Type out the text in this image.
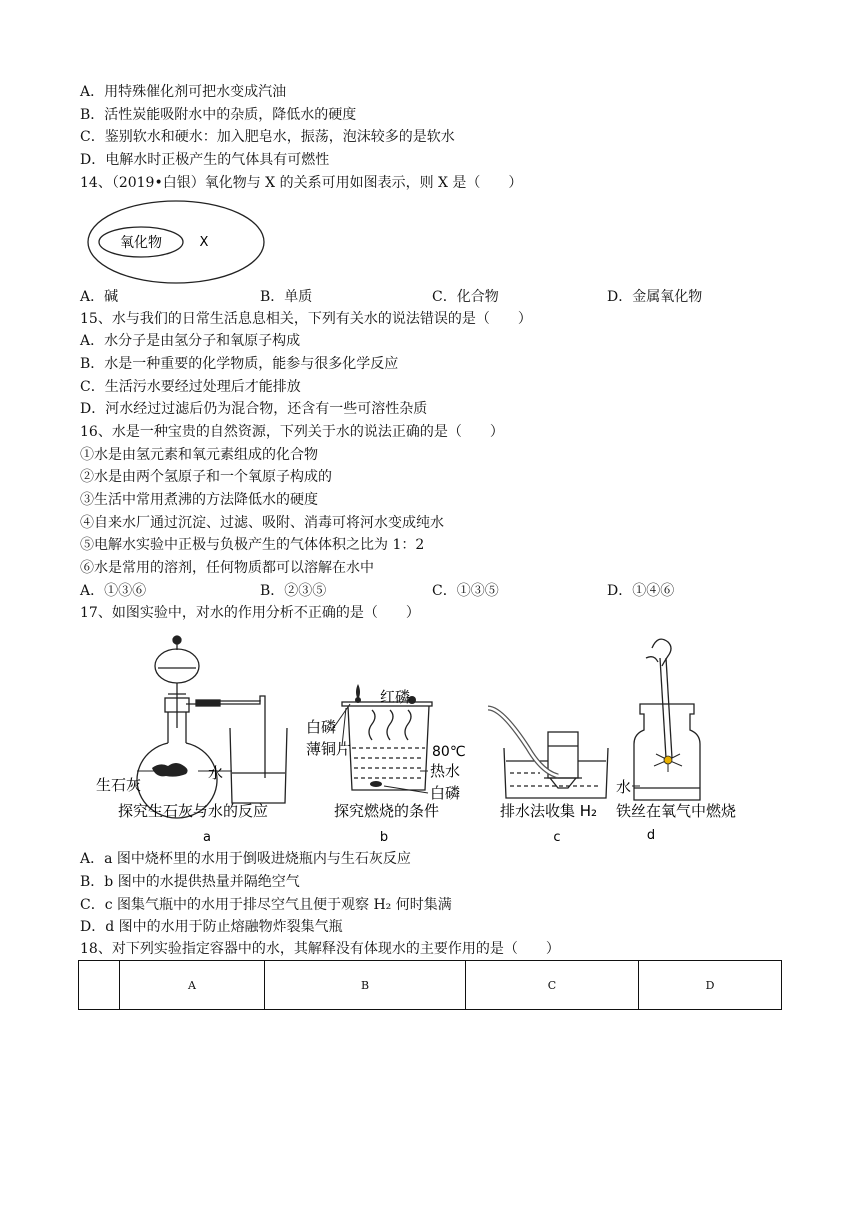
A．用特殊催化剂可把水变成汽油
B．活性炭能吸附水中的杂质，降低水的硬度
C．鉴别软水和硬水：加入肥皂水，振荡，泡沫较多的是软水
D．电解水时正极产生的气体具有可燃性
14、（2019•白银）氧化物与 X 的关系可用如图表示，则 X 是（　　）
氧化物	X
A．碱	B．单质	C．化合物	D．金属氧化物
15、水与我们的日常生活息息相关，下列有关水的说法错误的是（　　）
A．水分子是由氢分子和氧原子构成
B．水是一种重要的化学物质，能参与很多化学反应
C．生活污水要经过处理后才能排放
D．河水经过过滤后仍为混合物，还含有一些可溶性杂质
16、水是一种宝贵的自然资源，下列关于水的说法正确的是（　　）
①水是由氢元素和氧元素组成的化合物
②水是由两个氢原子和一个氧原子构成的
③生活中常用煮沸的方法降低水的硬度
④自来水厂通过沉淀、过滤、吸附、消毒可将河水变成纯水
⑤电解水实验中正极与负极产生的气体体积之比为 1：2
⑥水是常用的溶剂，任何物质都可以溶解在水中
A．①③⑥	B．②③⑤	C．①③⑤	D．①④⑥
17、如图实验中，对水的作用分析不正确的是（　　）
生石灰
水
探究生石灰与水的反应
a
红磷
白磷
薄铜片	80℃
热水
白磷
探究燃烧的条件
b
排水法收集 H₂
c
水
铁丝在氧气中燃烧
d
A．a 图中烧杯里的水用于倒吸进烧瓶内与生石灰反应
B．b 图中的水提供热量并隔绝空气
C．c 图集气瓶中的水用于排尽空气且便于观察 H₂ 何时集满
D．d 图中的水用于防止熔融物炸裂集气瓶
18、对下列实验指定容器中的水，其解释没有体现水的主要作用的是（　　）
	A	B	C	D
